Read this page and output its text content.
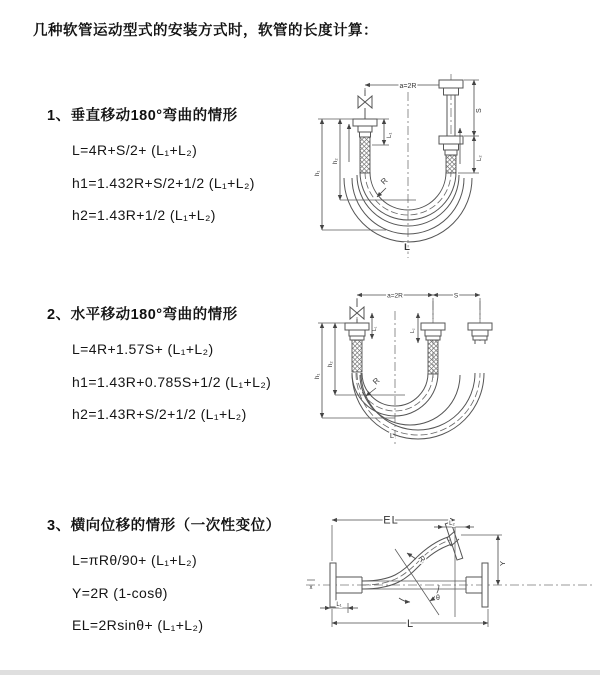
几种软管运动型式的安装方式时，软管的长度计算：
1、垂直移动180°弯曲的情形
L=4R+S/2+ (L₁+L₂)
h1=1.432R+S/2+1/2 (L₁+L₂)
h2=1.43R+1/2 (L₁+L₂)
2、水平移动180°弯曲的情形
L=4R+1.57S+ (L₁+L₂)
h1=1.43R+0.785S+1/2 (L₁+L₂)
h2=1.43R+S/2+1/2 (L₁+L₂)
3、横向位移的情形（一次性变位）
L=πRθ/90+ (L₁+L₂)
Y=2R (1-cosθ)
EL=2Rsinθ+ (L₁+L₂)
a=2R
L₁
h₂
h₁
R
S
L₂
L
a=2R	S
L₁	L₂
h₂
h₁	R
L
x
R
θ
EL	L₂
Y
L₁
L
